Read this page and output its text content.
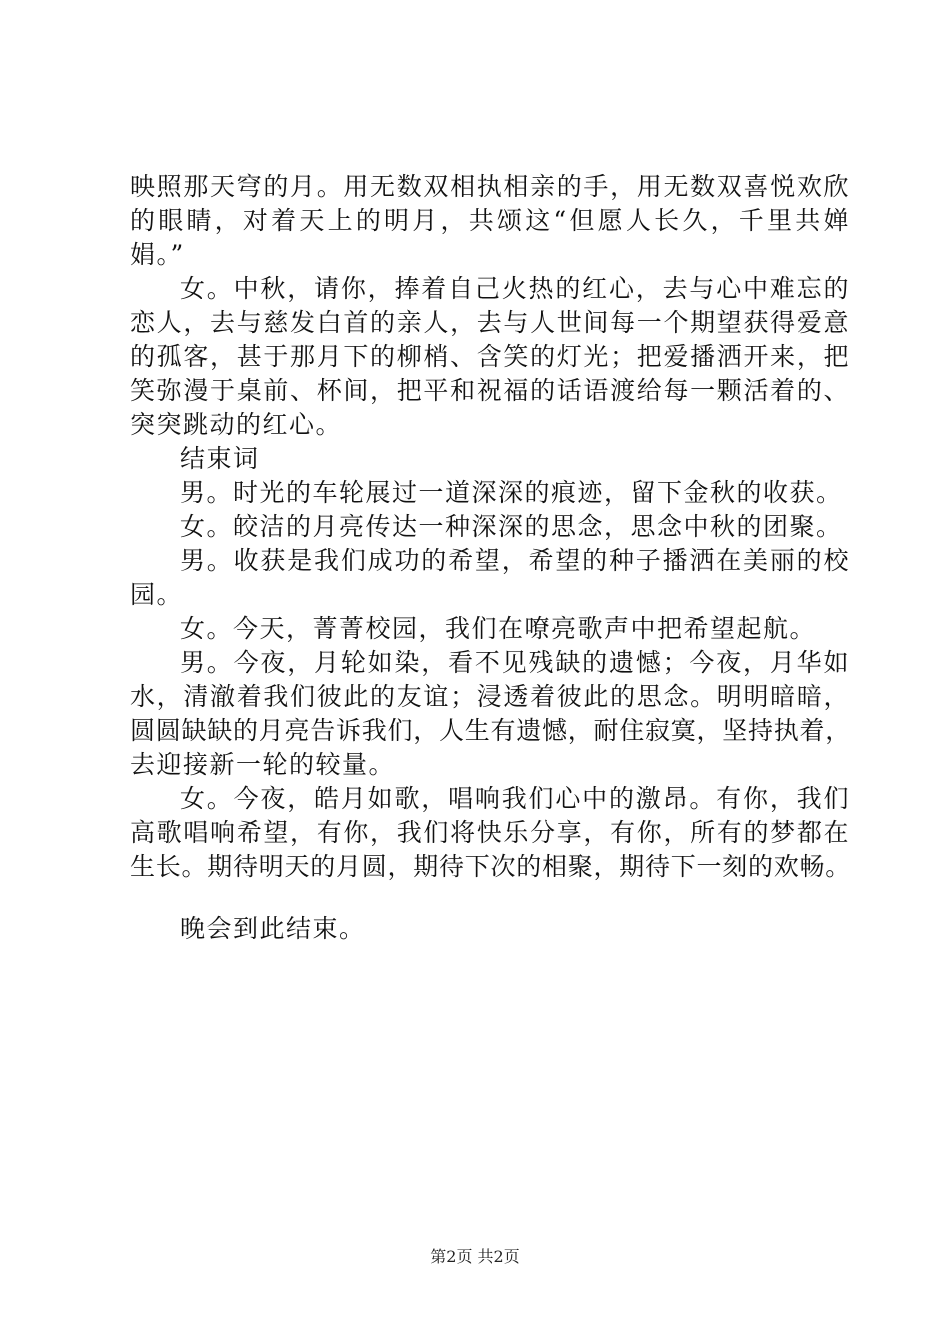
映照那天穹的月。用无数双相执相亲的手，用无数双喜悦欢欣
的眼睛，对着天上的明月，共颂这“但愿人长久，千里共婵
娟。”
女。中秋，请你，捧着自己火热的红心，去与心中难忘的
恋人，去与慈发白首的亲人，去与人世间每一个期望获得爱意
的孤客，甚于那月下的柳梢、含笑的灯光；把爱播洒开来，把
笑弥漫于桌前、杯间，把平和祝福的话语渡给每一颗活着的、
突突跳动的红心。
结束词
男。时光的车轮展过一道深深的痕迹，留下金秋的收获。
女。皎洁的月亮传达一种深深的思念，思念中秋的团聚。
男。收获是我们成功的希望，希望的种子播洒在美丽的校
园。
女。今天，菁菁校园，我们在嘹亮歌声中把希望起航。
男。今夜，月轮如染，看不见残缺的遗憾；今夜，月华如
水，清澈着我们彼此的友谊；浸透着彼此的思念。明明暗暗，
圆圆缺缺的月亮告诉我们，人生有遗憾，耐住寂寞，坚持执着，
去迎接新一轮的较量。
女。今夜，皓月如歌，唱响我们心中的激昂。有你，我们
高歌唱响希望，有你，我们将快乐分享，有你，所有的梦都在
生长。期待明天的月圆，期待下次的相聚，期待下一刻的欢畅。
晚会到此结束。
第2页 共2页
